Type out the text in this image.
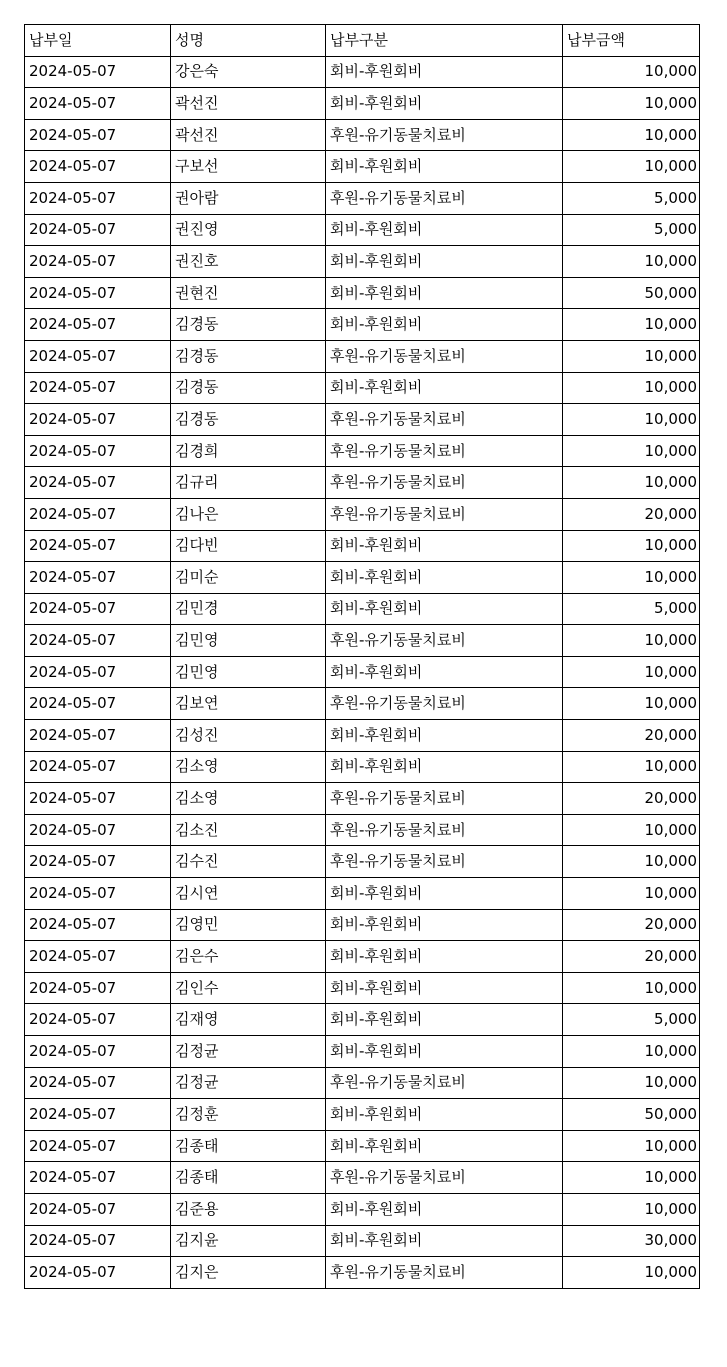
납부일	성명	납부구분	납부금액
2024-05-07	강은숙	회비-후원회비	10,000
2024-05-07	곽선진	회비-후원회비	10,000
2024-05-07	곽선진	후원-유기동물치료비	10,000
2024-05-07	구보선	회비-후원회비	10,000
2024-05-07	권아람	후원-유기동물치료비	5,000
2024-05-07	권진영	회비-후원회비	5,000
2024-05-07	권진호	회비-후원회비	10,000
2024-05-07	권현진	회비-후원회비	50,000
2024-05-07	김경동	회비-후원회비	10,000
2024-05-07	김경동	후원-유기동물치료비	10,000
2024-05-07	김경동	회비-후원회비	10,000
2024-05-07	김경동	후원-유기동물치료비	10,000
2024-05-07	김경희	후원-유기동물치료비	10,000
2024-05-07	김규리	후원-유기동물치료비	10,000
2024-05-07	김나은	후원-유기동물치료비	20,000
2024-05-07	김다빈	회비-후원회비	10,000
2024-05-07	김미순	회비-후원회비	10,000
2024-05-07	김민경	회비-후원회비	5,000
2024-05-07	김민영	후원-유기동물치료비	10,000
2024-05-07	김민영	회비-후원회비	10,000
2024-05-07	김보연	후원-유기동물치료비	10,000
2024-05-07	김성진	회비-후원회비	20,000
2024-05-07	김소영	회비-후원회비	10,000
2024-05-07	김소영	후원-유기동물치료비	20,000
2024-05-07	김소진	후원-유기동물치료비	10,000
2024-05-07	김수진	후원-유기동물치료비	10,000
2024-05-07	김시연	회비-후원회비	10,000
2024-05-07	김영민	회비-후원회비	20,000
2024-05-07	김은수	회비-후원회비	20,000
2024-05-07	김인수	회비-후원회비	10,000
2024-05-07	김재영	회비-후원회비	5,000
2024-05-07	김정균	회비-후원회비	10,000
2024-05-07	김정균	후원-유기동물치료비	10,000
2024-05-07	김정훈	회비-후원회비	50,000
2024-05-07	김종태	회비-후원회비	10,000
2024-05-07	김종태	후원-유기동물치료비	10,000
2024-05-07	김준용	회비-후원회비	10,000
2024-05-07	김지윤	회비-후원회비	30,000
2024-05-07	김지은	후원-유기동물치료비	10,000
